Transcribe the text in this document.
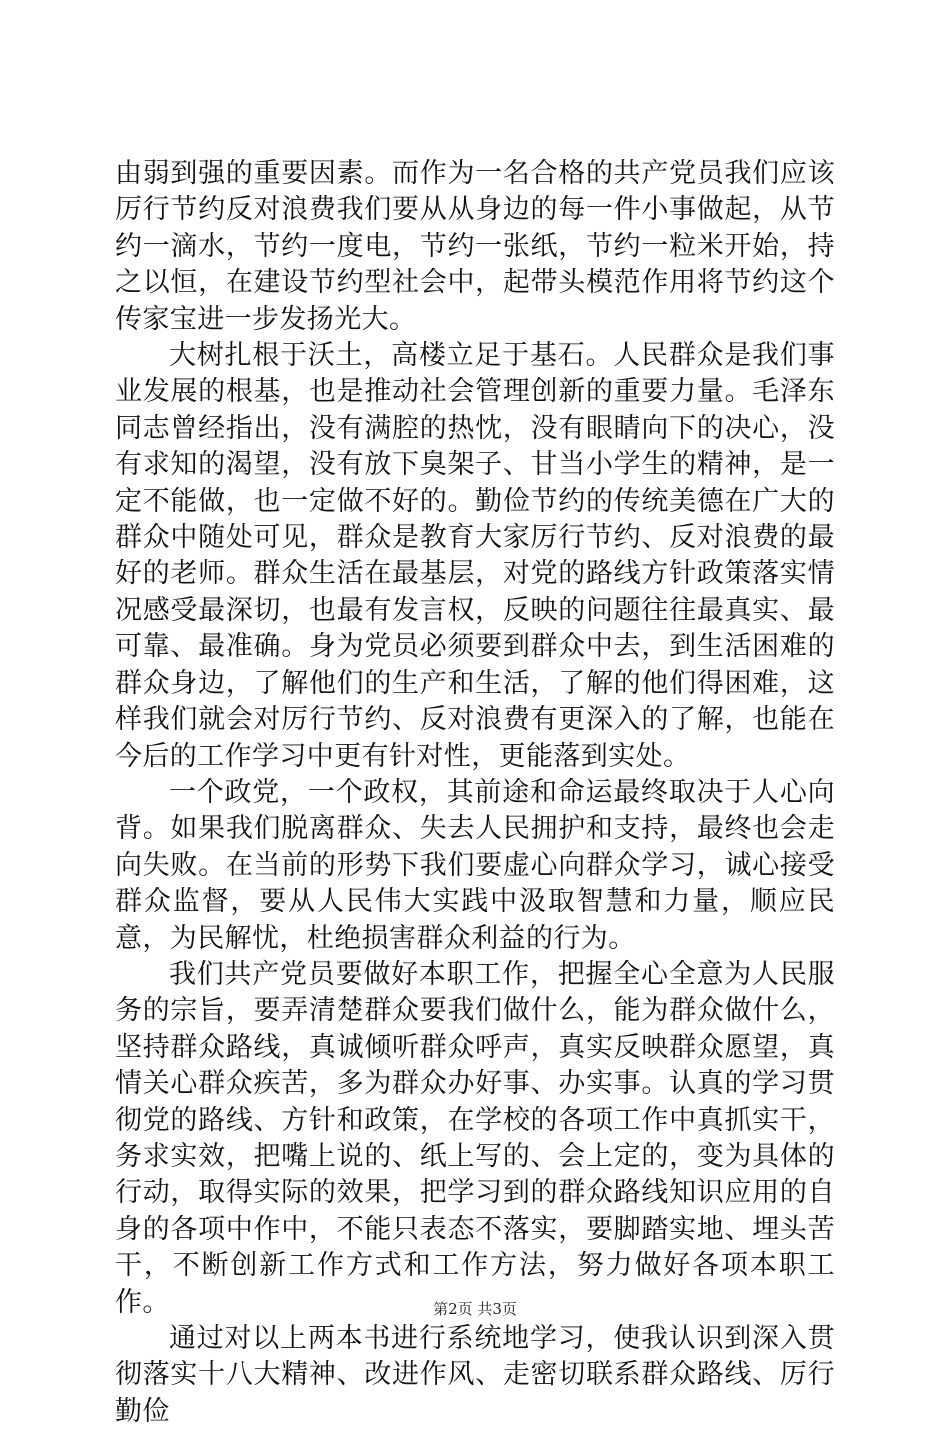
由弱到强的重要因素。而作为一名合格的共产党员我们应该厉行节约反对浪费我们要从从身边的每一件小事做起，从节约一滴水，节约一度电，节约一张纸，节约一粒米开始，持之以恒，在建设节约型社会中，起带头模范作用将节约这个传家宝进一步发扬光大。

大树扎根于沃土，高楼立足于基石。人民群众是我们事业发展的根基，也是推动社会管理创新的重要力量。毛泽东同志曾经指出，没有满腔的热忱，没有眼睛向下的决心，没有求知的渴望，没有放下臭架子、甘当小学生的精神，是一定不能做，也一定做不好的。勤俭节约的传统美德在广大的群众中随处可见，群众是教育大家厉行节约、反对浪费的最好的老师。群众生活在最基层，对党的路线方针政策落实情况感受最深切，也最有发言权，反映的问题往往最真实、最可靠、最准确。身为党员必须要到群众中去，到生活困难的群众身边，了解他们的生产和生活，了解的他们得困难，这样我们就会对厉行节约、反对浪费有更深入的了解，也能在今后的工作学习中更有针对性，更能落到实处。

一个政党，一个政权，其前途和命运最终取决于人心向背。如果我们脱离群众、失去人民拥护和支持，最终也会走向失败。在当前的形势下我们要虚心向群众学习，诚心接受群众监督，要从人民伟大实践中汲取智慧和力量，顺应民意，为民解忧，杜绝损害群众利益的行为。

我们共产党员要做好本职工作，把握全心全意为人民服务的宗旨，要弄清楚群众要我们做什么，能为群众做什么，坚持群众路线，真诚倾听群众呼声，真实反映群众愿望，真情关心群众疾苦，多为群众办好事、办实事。认真的学习贯彻党的路线、方针和政策，在学校的各项工作中真抓实干，务求实效，把嘴上说的、纸上写的、会上定的，变为具体的行动，取得实际的效果，把学习到的群众路线知识应用的自身的各项中作中，不能只表态不落实，要脚踏实地、埋头苦干，不断创新工作方式和工作方法，努力做好各项本职工作。

通过对以上两本书进行系统地学习，使我认识到深入贯彻落实十八大精神、改进作风、走密切联系群众路线、厉行勤俭

第2页 共3页
